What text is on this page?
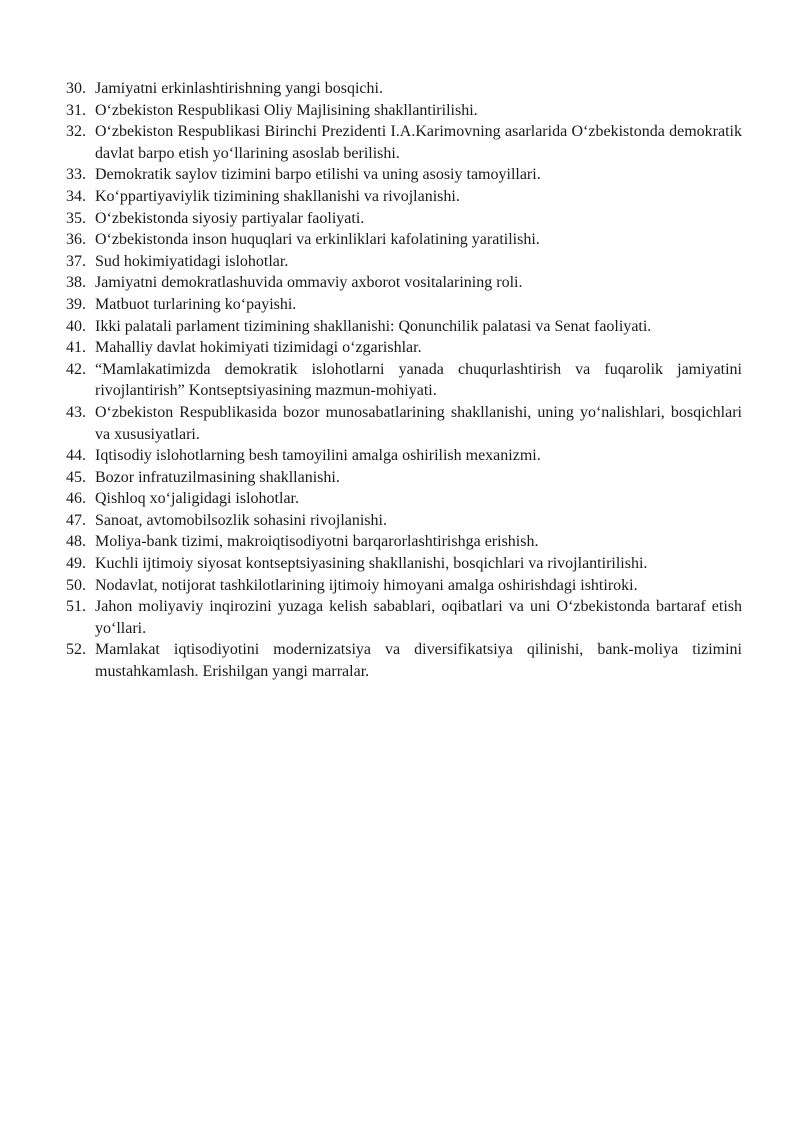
30. Jamiyatni erkinlashtirishning yangi bosqichi.
31. O‘zbekiston Respublikasi Oliy Majlisining shakllantirilishi.
32. O‘zbekiston Respublikasi Birinchi Prezidenti I.A.Karimovning asarlarida O‘zbekistonda demokratik davlat barpo etish yo‘llarining asoslab berilishi.
33. Demokratik saylov tizimini barpo etilishi va uning asosiy tamoyillari.
34. Ko‘ppartiyaviylik tizimining shakllanishi va rivojlanishi.
35. O‘zbekistonda siyosiy partiyalar faoliyati.
36. O‘zbekistonda inson huquqlari va erkinliklari kafolatining yaratilishi.
37. Sud hokimiyatidagi islohotlar.
38. Jamiyatni demokratlashuvida ommaviy axborot vositalarining roli.
39. Matbuot turlarining ko‘payishi.
40. Ikki palatali parlament tizimining shakllanishi: Qonunchilik palatasi va Senat faoliyati.
41. Mahalliy davlat hokimiyati tizimidagi o‘zgarishlar.
42. “Mamlakatimizda demokratik islohotlarni yanada chuqurlashtirish va fuqarolik jamiyatini rivojlantirish” Kontseptsiyasining mazmun-mohiyati.
43. O‘zbekiston Respublikasida bozor munosabatlarining shakllanishi, uning yo‘nalishlari, bosqichlari va xususiyatlari.
44. Iqtisodiy islohotlarning besh tamoyilini amalga oshirilish mexanizmi.
45. Bozor infratuzilmasining shakllanishi.
46. Qishloq xo‘jaligidagi islohotlar.
47. Sanoat, avtomobilsozlik sohasini rivojlanishi.
48. Moliya-bank tizimi, makroiqtisodiyotni barqarorlashtirishga erishish.
49. Kuchli ijtimoiy siyosat kontseptsiyasining shakllanishi, bosqichlari va rivojlantirilishi.
50. Nodavlat, notijorat tashkilotlarining ijtimoiy himoyani amalga oshirishdagi ishtiroki.
51. Jahon moliyaviy inqirozini yuzaga kelish sabablari, oqibatlari va uni O‘zbekistonda bartaraf etish yo‘llari.
52. Mamlakat iqtisodiyotini modernizatsiya va diversifikatsiya qilinishi, bank-moliya tizimini mustahkamlash. Erishilgan yangi marralar.
